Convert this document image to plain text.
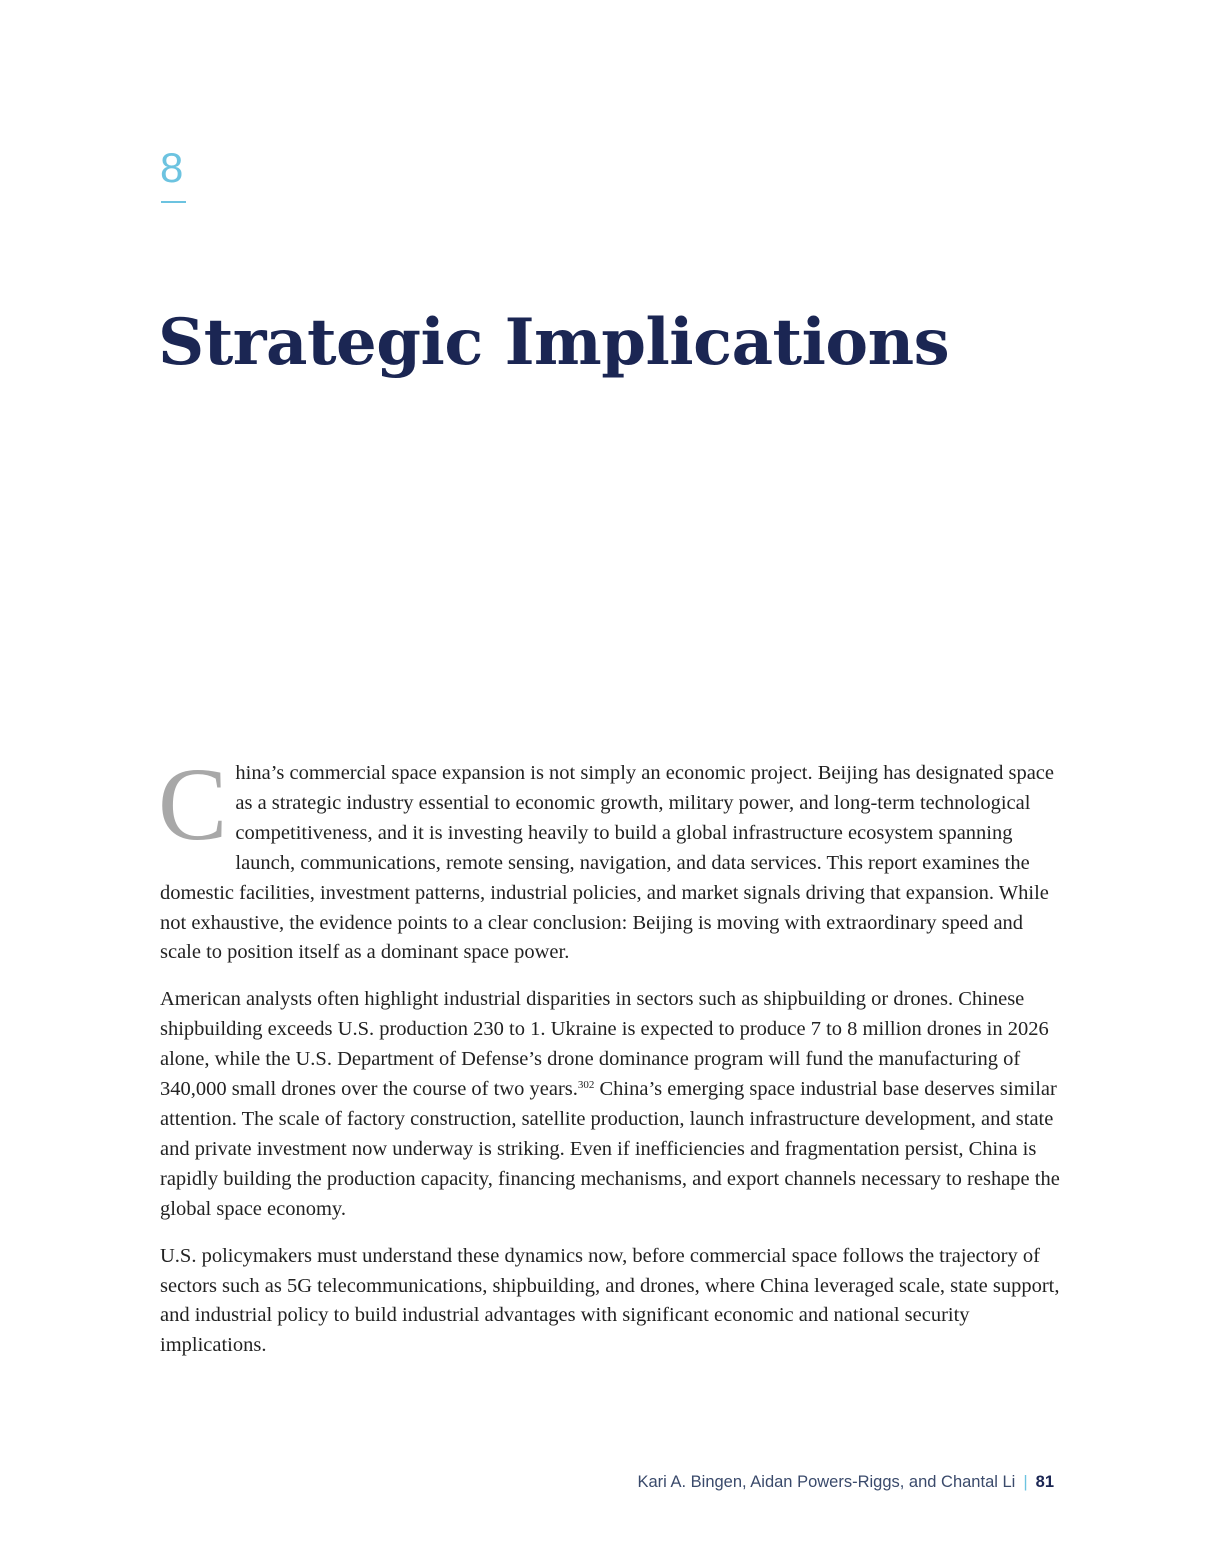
8
Strategic Implications

China’s commercial space expansion is not simply an economic project. Beijing has designated space as a strategic industry essential to economic growth, military power, and long-term technological competitiveness, and it is investing heavily to build a global infrastructure ecosystem spanning launch, communications, remote sensing, navigation, and data services. This report examines the domestic facilities, investment patterns, industrial policies, and market signals driving that expansion. While not exhaustive, the evidence points to a clear conclusion: Beijing is moving with extraordinary speed and scale to position itself as a dominant space power.

American analysts often highlight industrial disparities in sectors such as shipbuilding or drones. Chinese shipbuilding exceeds U.S. production 230 to 1. Ukraine is expected to produce 7 to 8 million drones in 2026 alone, while the U.S. Department of Defense’s drone dominance program will fund the manufacturing of 340,000 small drones over the course of two years.$^{302}$ China’s emerging space industrial base deserves similar attention. The scale of factory construction, satellite production, launch infrastructure development, and state and private investment now underway is striking. Even if inefficiencies and fragmentation persist, China is rapidly building the production capacity, financing mechanisms, and export channels necessary to reshape the global space economy.

U.S. policymakers must understand these dynamics now, before commercial space follows the trajectory of sectors such as 5G telecommunications, shipbuilding, and drones, where China leveraged scale, state support, and industrial policy to build industrial advantages with significant economic and national security implications.

Kari A. Bingen, Aidan Powers-Riggs, and Chantal Li | 81
